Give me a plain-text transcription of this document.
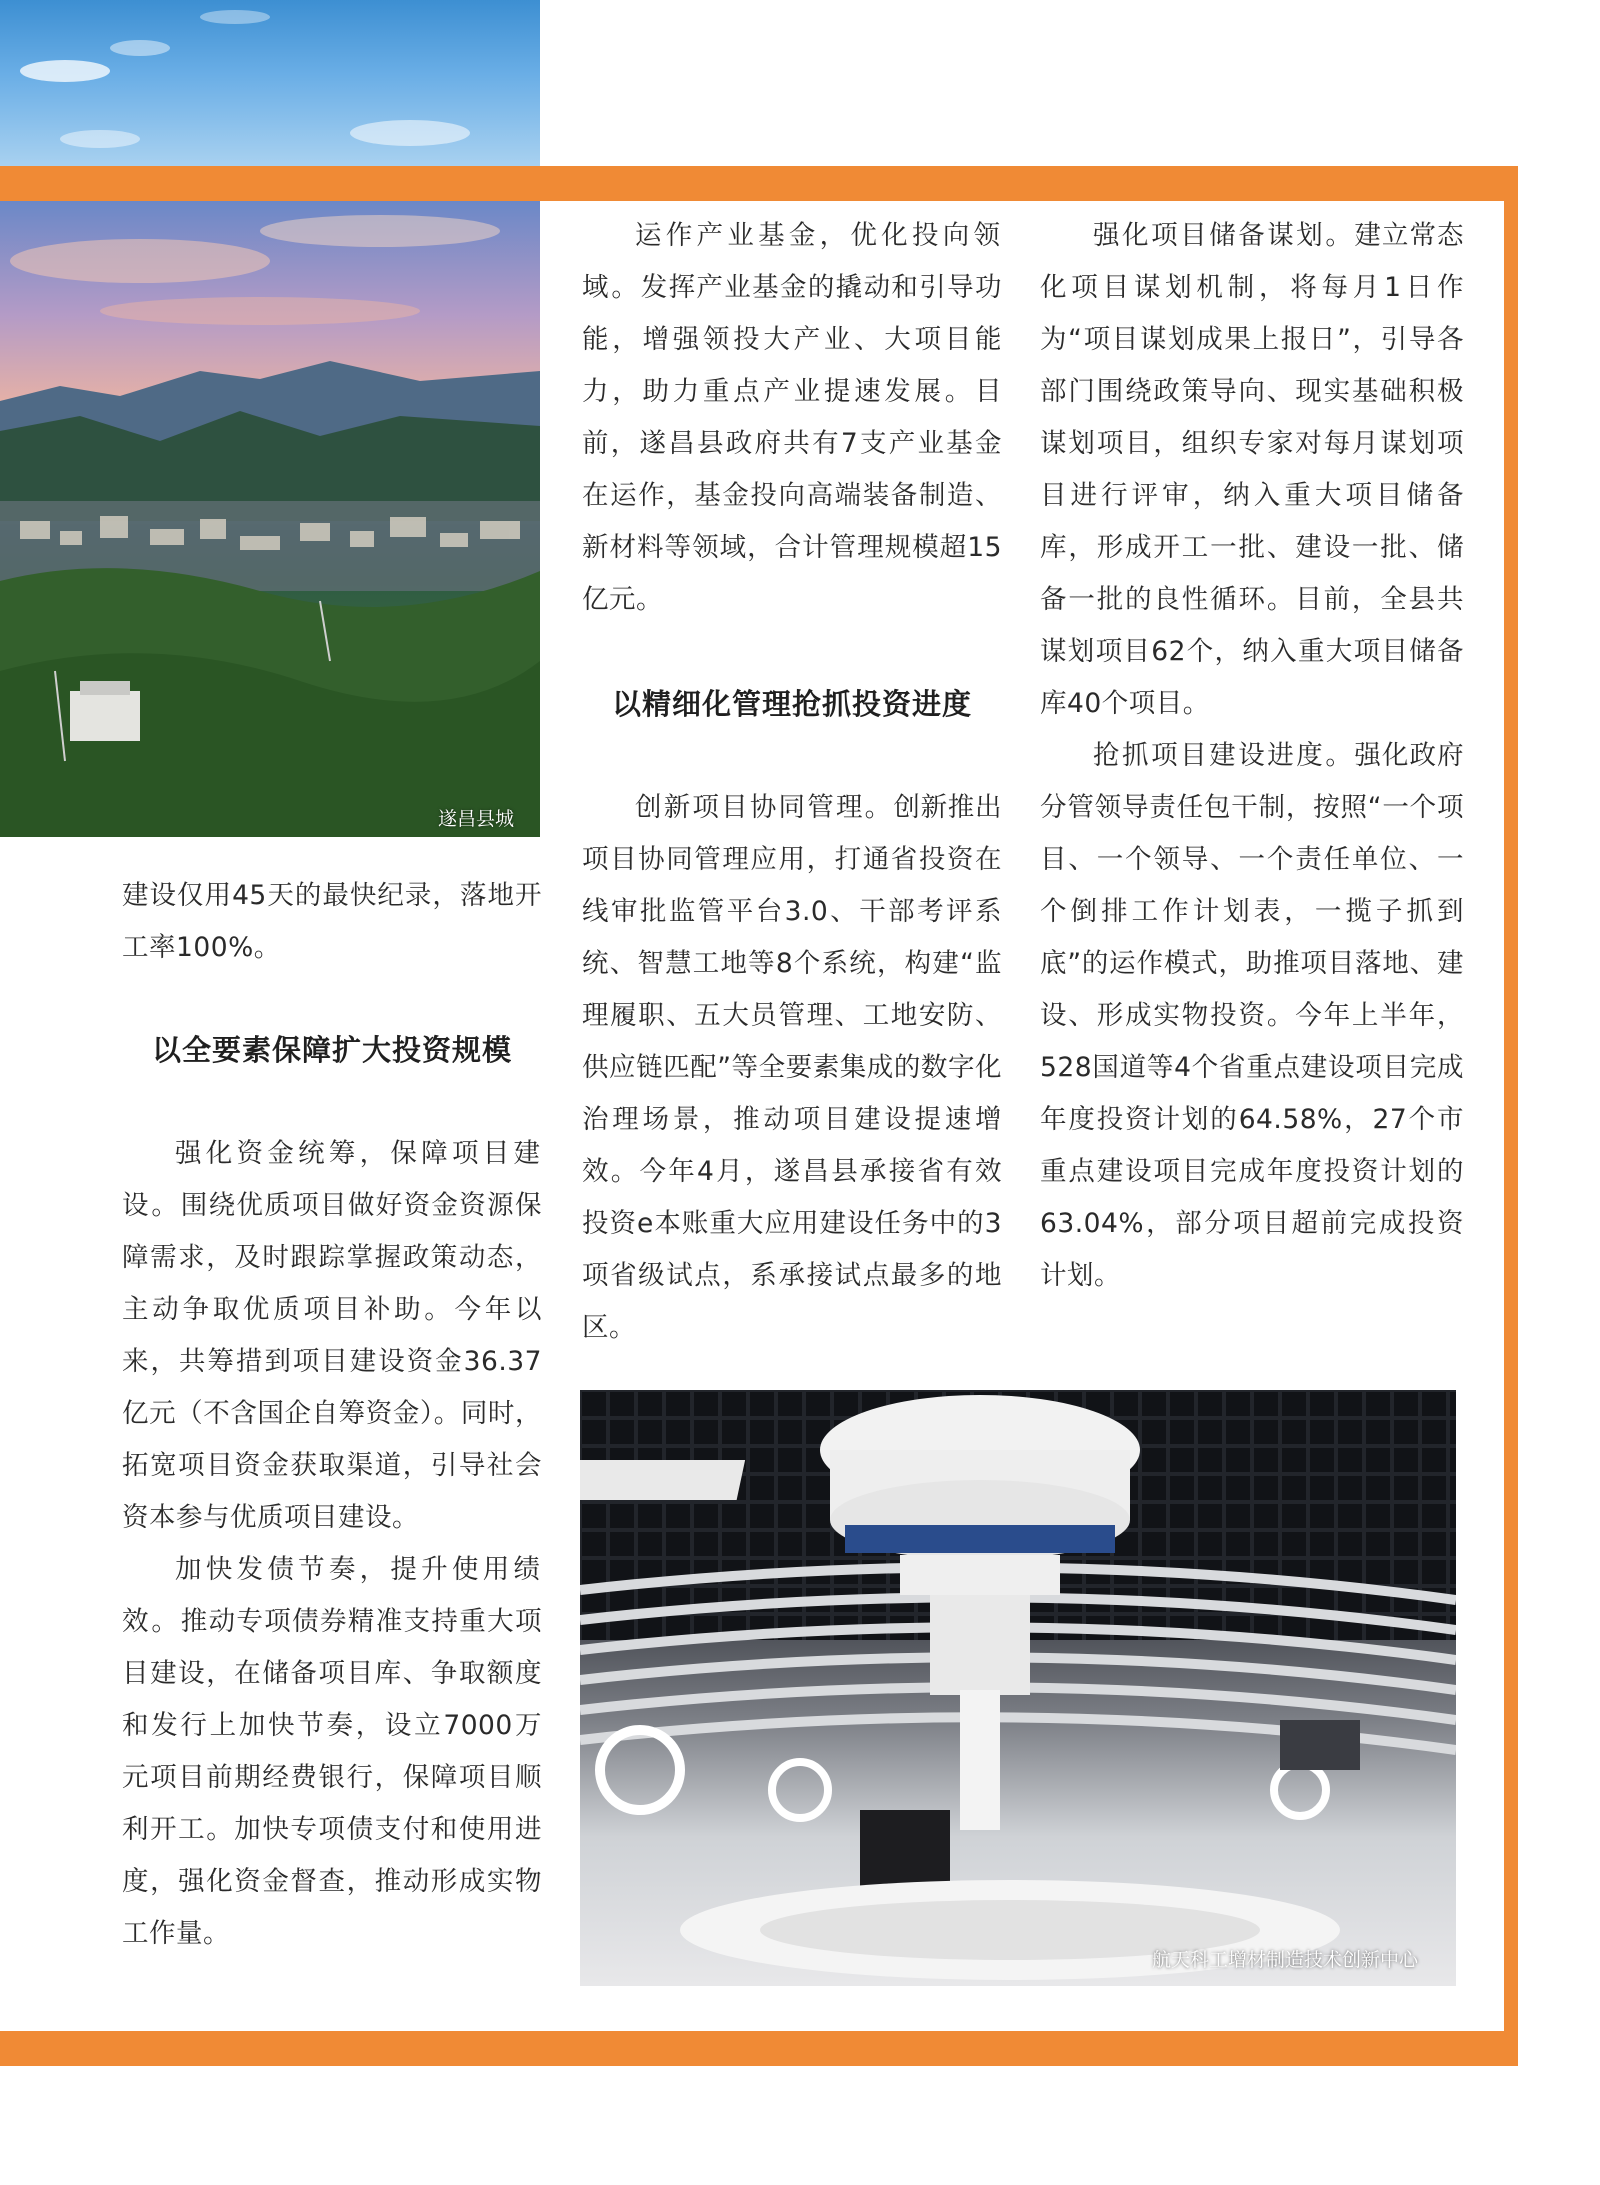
遂昌县城

建设仅用45天的最快纪录，落地开工率100%。

以全要素保障扩大投资规模

强化资金统筹，保障项目建设。围绕优质项目做好资金资源保障需求，及时跟踪掌握政策动态，主动争取优质项目补助。今年以来，共筹措到项目建设资金36.37亿元（不含国企自筹资金）。同时，拓宽项目资金获取渠道，引导社会资本参与优质项目建设。

加快发债节奏，提升使用绩效。推动专项债券精准支持重大项目建设，在储备项目库、争取额度和发行上加快节奏，设立7000万元项目前期经费银行，保障项目顺利开工。加快专项债支付和使用进度，强化资金督查，推动形成实物工作量。

运作产业基金，优化投向领域。发挥产业基金的撬动和引导功能，增强领投大产业、大项目能力，助力重点产业提速发展。目前，遂昌县政府共有7支产业基金在运作，基金投向高端装备制造、新材料等领域，合计管理规模超15亿元。

以精细化管理抢抓投资进度

创新项目协同管理。创新推出项目协同管理应用，打通省投资在线审批监管平台3.0、干部考评系统、智慧工地等8个系统，构建“监理履职、五大员管理、工地安防、供应链匹配”等全要素集成的数字化治理场景，推动项目建设提速增效。今年4月，遂昌县承接省有效投资e本账重大应用建设任务中的3项省级试点，系承接试点最多的地区。

强化项目储备谋划。建立常态化项目谋划机制，将每月1日作为“项目谋划成果上报日”，引导各部门围绕政策导向、现实基础积极谋划项目，组织专家对每月谋划项目进行评审，纳入重大项目储备库，形成开工一批、建设一批、储备一批的良性循环。目前，全县共谋划项目62个，纳入重大项目储备库40个项目。

抢抓项目建设进度。强化政府分管领导责任包干制，按照“一个项目、一个领导、一个责任单位、一个倒排工作计划表，一揽子抓到底”的运作模式，助推项目落地、建设、形成实物投资。今年上半年，528国道等4个省重点建设项目完成年度投资计划的64.58%，27个市重点建设项目完成年度投资计划的63.04%，部分项目超前完成投资计划。

航天科工增材制造技术创新中心
